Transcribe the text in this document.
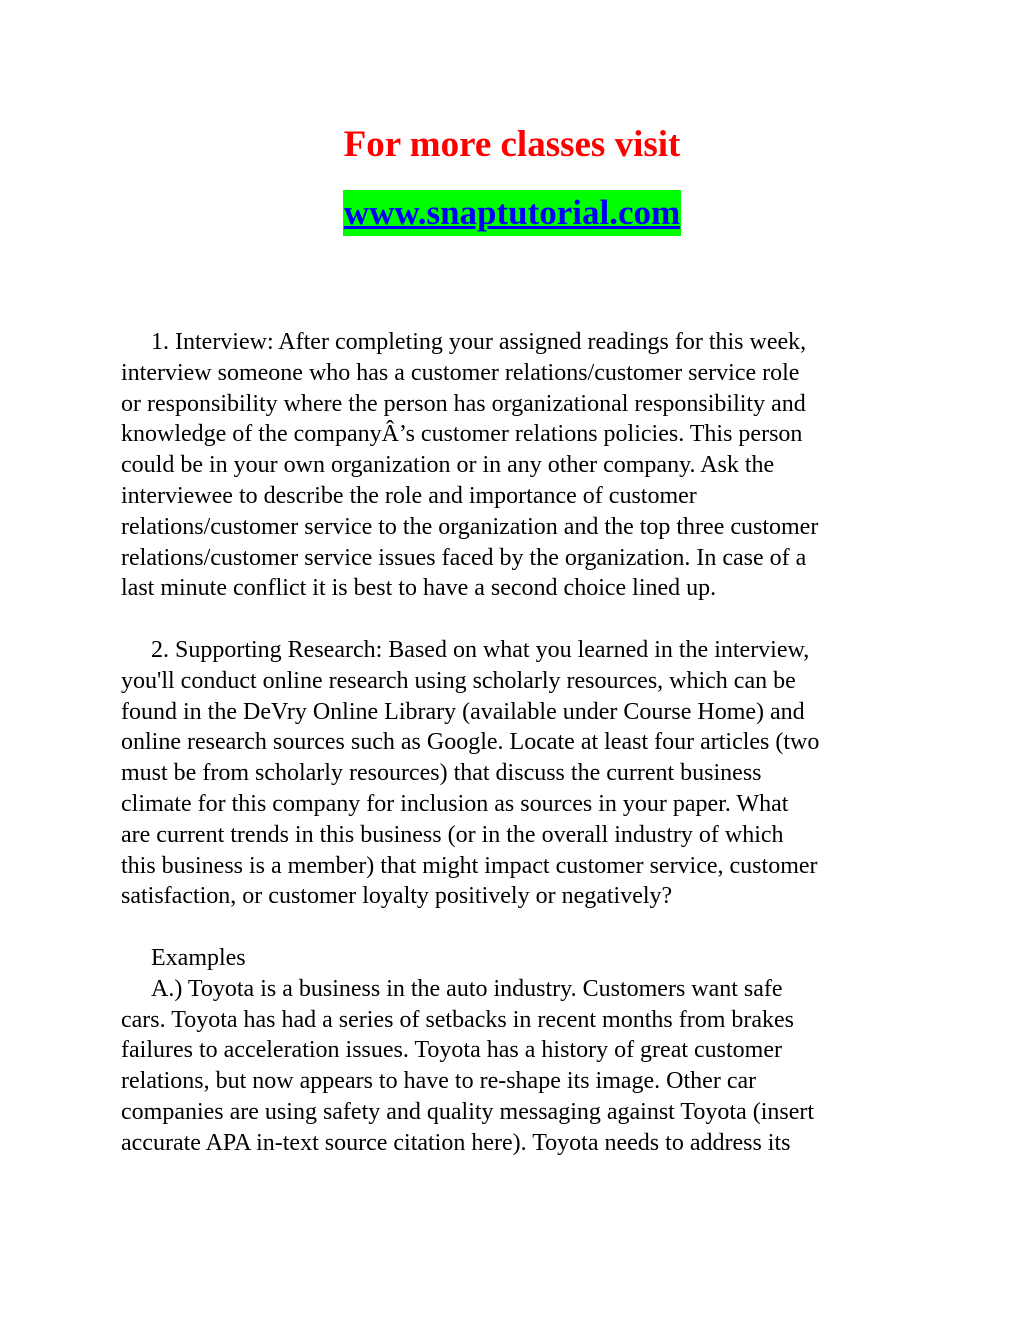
For more classes visit
www.snaptutorial.com

1. Interview: After completing your assigned readings for this week,
interview someone who has a customer relations/customer service role
or responsibility where the person has organizational responsibility and
knowledge of the companyÂ’s customer relations policies. This person
could be in your own organization or in any other company. Ask the
interviewee to describe the role and importance of customer
relations/customer service to the organization and the top three customer
relations/customer service issues faced by the organization. In case of a
last minute conflict it is best to have a second choice lined up.

2. Supporting Research: Based on what you learned in the interview,
you'll conduct online research using scholarly resources, which can be
found in the DeVry Online Library (available under Course Home) and
online research sources such as Google. Locate at least four articles (two
must be from scholarly resources) that discuss the current business
climate for this company for inclusion as sources in your paper. What
are current trends in this business (or in the overall industry of which
this business is a member) that might impact customer service, customer
satisfaction, or customer loyalty positively or negatively?

Examples

A.) Toyota is a business in the auto industry. Customers want safe
cars. Toyota has had a series of setbacks in recent months from brakes
failures to acceleration issues. Toyota has a history of great customer
relations, but now appears to have to re-shape its image. Other car
companies are using safety and quality messaging against Toyota (insert
accurate APA in-text source citation here). Toyota needs to address its
